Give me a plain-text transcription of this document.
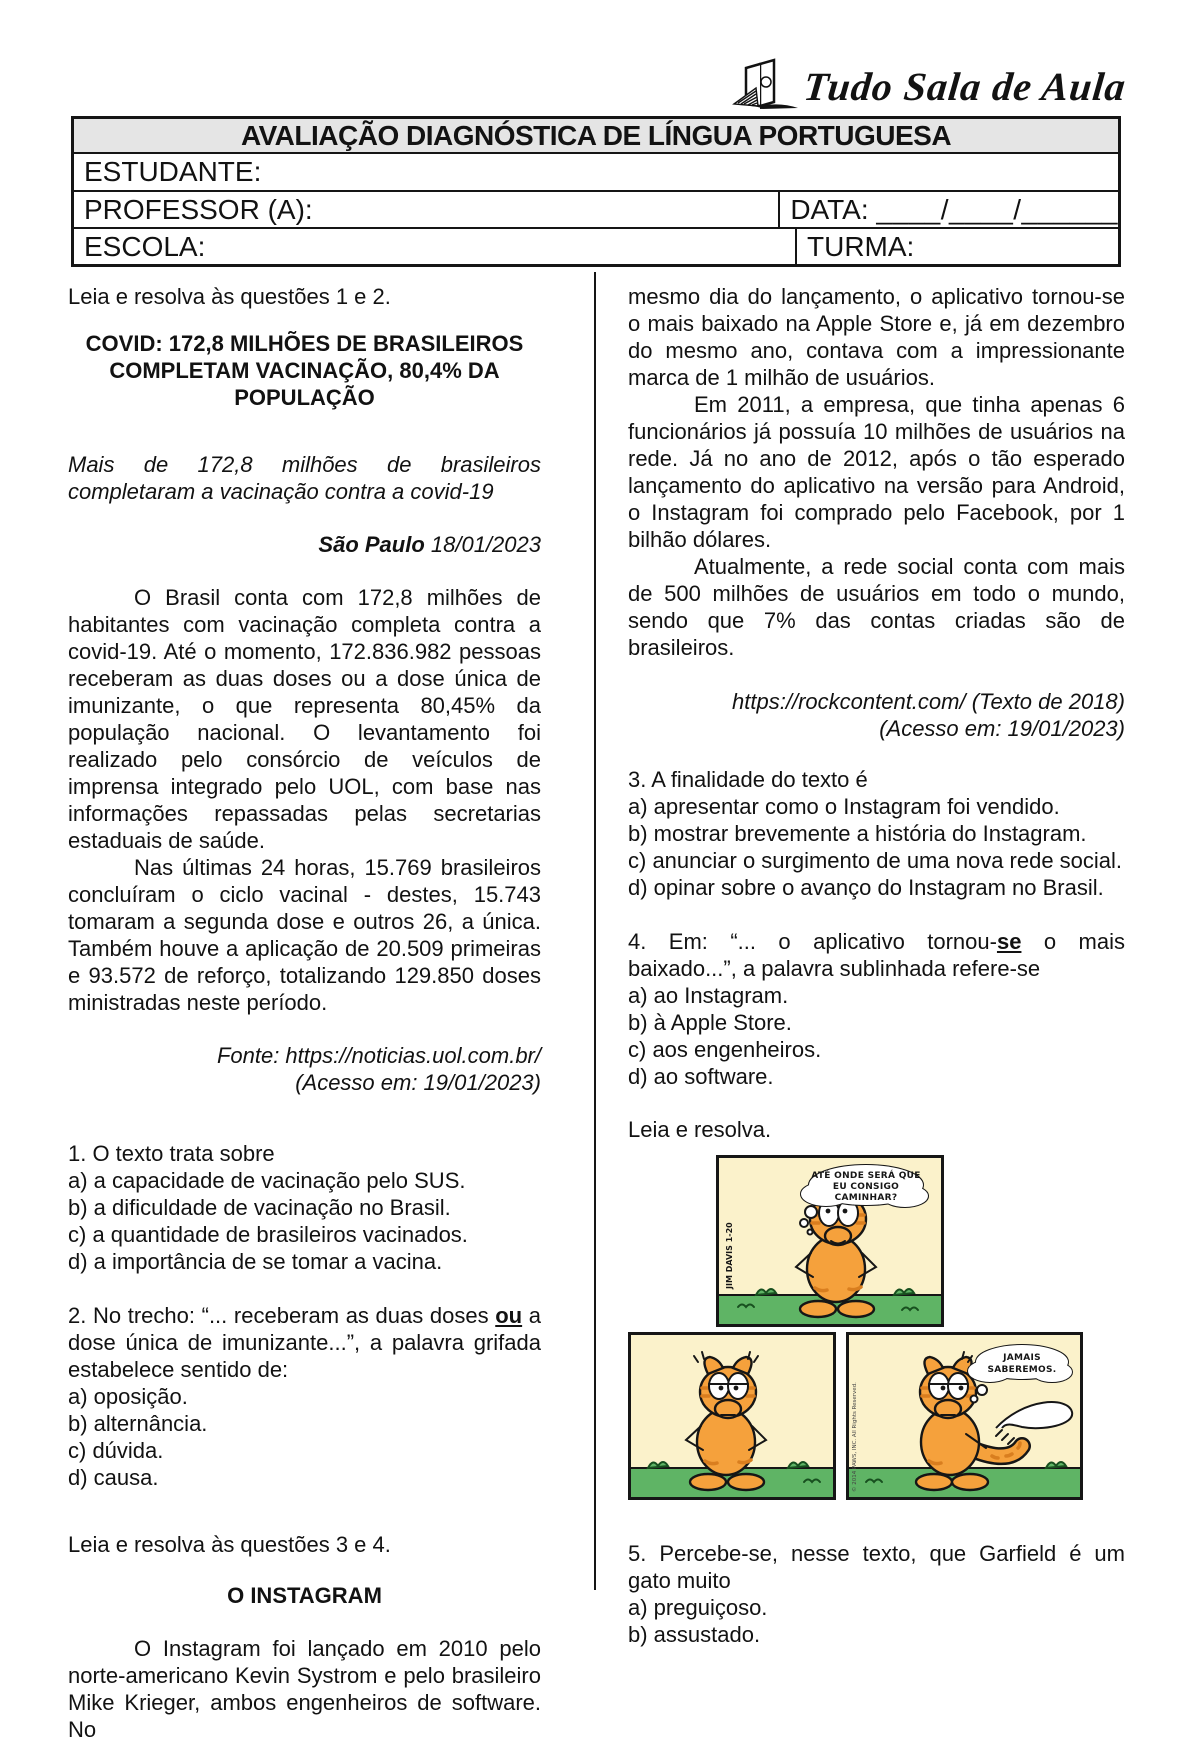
Tudo Sala de Aula
AVALIAÇÃO DIAGNÓSTICA DE LÍNGUA PORTUGUESA
ESTUDANTE:
PROFESSOR (A):	DATA: ____/____/______
ESCOLA:	TURMA:
Leia e resolva às questões 1 e 2.
COVID: 172,8 MILHÕES DE BRASILEIROS
COMPLETAM VACINAÇÃO, 80,4% DA
POPULAÇÃO
Mais de 172,8 milhões de brasileiros completaram a vacinação contra a covid-19
São Paulo 18/01/2023
O Brasil conta com 172,8 milhões de habitantes com vacinação completa contra a covid-19. Até o momento, 172.836.982 pessoas receberam as duas doses ou a dose única de imunizante, o que representa 80,45% da população nacional. O levantamento foi realizado pelo consórcio de veículos de imprensa integrado pelo UOL, com base nas informações repassadas pelas secretarias estaduais de saúde.
Nas últimas 24 horas, 15.769 brasileiros concluíram o ciclo vacinal - destes, 15.743 tomaram a segunda dose e outros 26, a única. Também houve a aplicação de 20.509 primeiras e 93.572 de reforço, totalizando 129.850 doses ministradas neste período.
Fonte: https://noticias.uol.com.br/
(Acesso em: 19/01/2023)
1. O texto trata sobre
a) a capacidade de vacinação pelo SUS.
b) a dificuldade de vacinação no Brasil.
c) a quantidade de brasileiros vacinados.
d) a importância de se tomar a vacina.
2. No trecho: “... receberam as duas doses ou a dose única de imunizante...”, a palavra grifada estabelece sentido de:
a) oposição.
b) alternância.
c) dúvida.
d) causa.
Leia e resolva às questões 3 e 4.
O INSTAGRAM
O Instagram foi lançado em 2010 pelo norte-americano Kevin Systrom e pelo brasileiro Mike Krieger, ambos engenheiros de software. No
mesmo dia do lançamento, o aplicativo tornou-se o mais baixado na Apple Store e, já em dezembro do mesmo ano, contava com a impressionante marca de 1 milhão de usuários.
Em 2011, a empresa, que tinha apenas 6 funcionários já possuía 10 milhões de usuários na rede. Já no ano de 2012, após o tão esperado lançamento do aplicativo na versão para Android, o Instagram foi comprado pelo Facebook, por 1 bilhão dólares.
Atualmente, a rede social conta com mais de 500 milhões de usuários em todo o mundo, sendo que 7% das contas criadas são de brasileiros.
https://rockcontent.com/ (Texto de 2018)
(Acesso em: 19/01/2023)
3. A finalidade do texto é
a) apresentar como o Instagram foi vendido.
b) mostrar brevemente a história do Instagram.
c) anunciar o surgimento de uma nova rede social.
d) opinar sobre o avanço do Instagram no Brasil.
4. Em: “... o aplicativo tornou-se o mais baixado...”, a palavra sublinhada refere-se
a) ao Instagram.
b) à Apple Store.
c) aos engenheiros.
d) ao software.
Leia e resolva.
ATÉ ONDE SERÁ QUE
EU CONSIGO
CAMINHAR?
JIM DAVIS 1-20
JAMAIS
SABEREMOS.
© 2014 PAWS, INC. All Rights Reserved.
5. Percebe-se, nesse texto, que Garfield é um gato muito
a) preguiçoso.
b) assustado.
